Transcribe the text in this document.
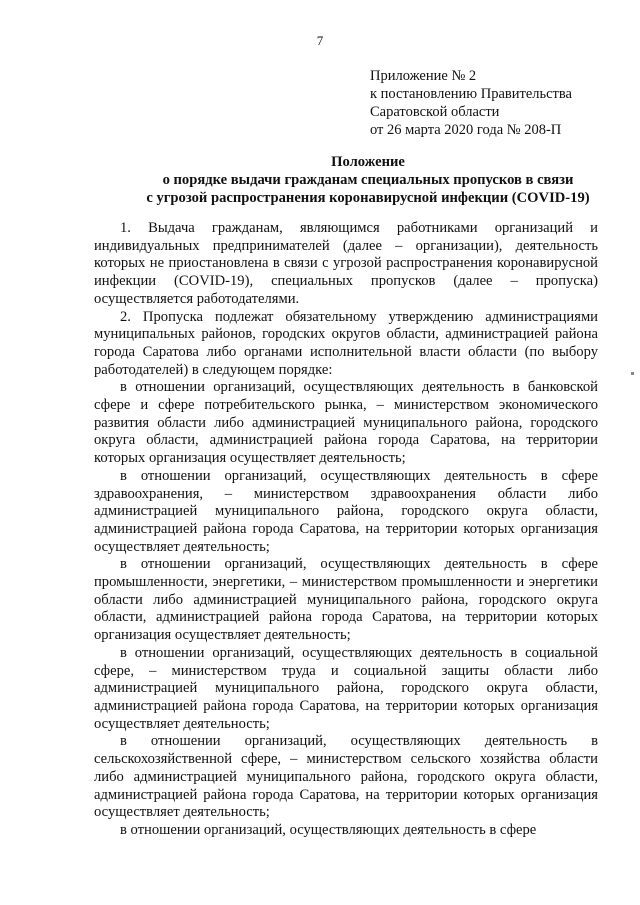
7
Приложение № 2
к постановлению Правительства
Саратовской области
от 26 марта 2020 года № 208-П
Положение
о порядке выдачи гражданам специальных пропусков в связи
с угрозой распространения коронавирусной инфекции (COVID-19)

1. Выдача гражданам, являющимся работниками организаций и индивидуальных предпринимателей (далее – организации), деятельность которых не приостановлена в связи с угрозой распространения коронавирусной инфекции (COVID-19), специальных пропусков (далее – пропуска) осуществляется работодателями.

2. Пропуска подлежат обязательному утверждению администрациями муниципальных районов, городских округов области, администрацией района города Саратова либо органами исполнительной власти области (по выбору работодателей) в следующем порядке:

в отношении организаций, осуществляющих деятельность в банковской сфере и сфере потребительского рынка, – министерством экономического развития области либо администрацией муниципального района, городского округа области, администрацией района города Саратова, на территории которых организация осуществляет деятельность;

в отношении организаций, осуществляющих деятельность в сфере здравоохранения, – министерством здравоохранения области либо администрацией муниципального района, городского округа области, администрацией района города Саратова, на территории которых организация осуществляет деятельность;

в отношении организаций, осуществляющих деятельность в сфере промышленности, энергетики, – министерством промышленности и энергетики области либо администрацией муниципального района, городского округа области, администрацией района города Саратова, на территории которых организация осуществляет деятельность;

в отношении организаций, осуществляющих деятельность в социальной сфере, – министерством труда и социальной защиты области либо администрацией муниципального района, городского округа области, администрацией района города Саратова, на территории которых организация осуществляет деятельность;

в отношении организаций, осуществляющих деятельность в сельскохозяйственной сфере, – министерством сельского хозяйства области либо администрацией муниципального района, городского округа области, администрацией района города Саратова, на территории которых организация осуществляет деятельность;

в отношении организаций, осуществляющих деятельность в сфере
